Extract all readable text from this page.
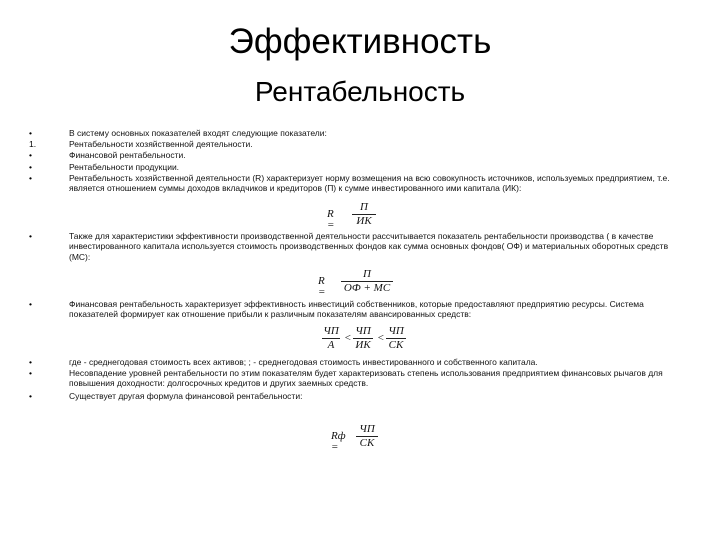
Эффективность
Рентабельность
•
1.
•
•
•
•
•
•
•
•
В систему основных показателей входят следующие показатели:
Рентабельности хозяйственной деятельности.
Финансовой рентабельности.
Рентабельности продукции.
Рентабельность хозяйственной деятельности (R) характеризует норму возмещения на всю совокупность источников, используемых предприятием, т.е. является отношением суммы доходов вкладчиков и кредиторов (П) к сумме инвестированного ими капитала (ИК):
Также для характеристики эффективности производственной деятельности рассчитывается показатель рентабельности производства ( в качестве инвестированного капитала используется стоимость производственных фондов как сумма основных фондов( ОФ) и материальных оборотных средств (МС):
Финансовая рентабельность характеризует эффективность инвестиций собственников, которые предоставляют предприятию ресурсы. Система показателей формирует как отношение прибыли к различным показателям авансированных средств:
где - среднегодовая стоимость всех активов; ; - среднегодовая стоимость инвестированного и собственного капитала.
Несовпадение уровней рентабельности по этим показателям будет характеризовать степень использования предприятием финансовых рычагов для повышения доходности: долгосрочных кредитов и других заемных средств.
Существует другая формула финансовой рентабельности:
R =
П
ИК
R =
П
ОФ + МС
ЧП
A
<
ЧП
ИК
<
ЧП
СК
Rф =
ЧП
СК
